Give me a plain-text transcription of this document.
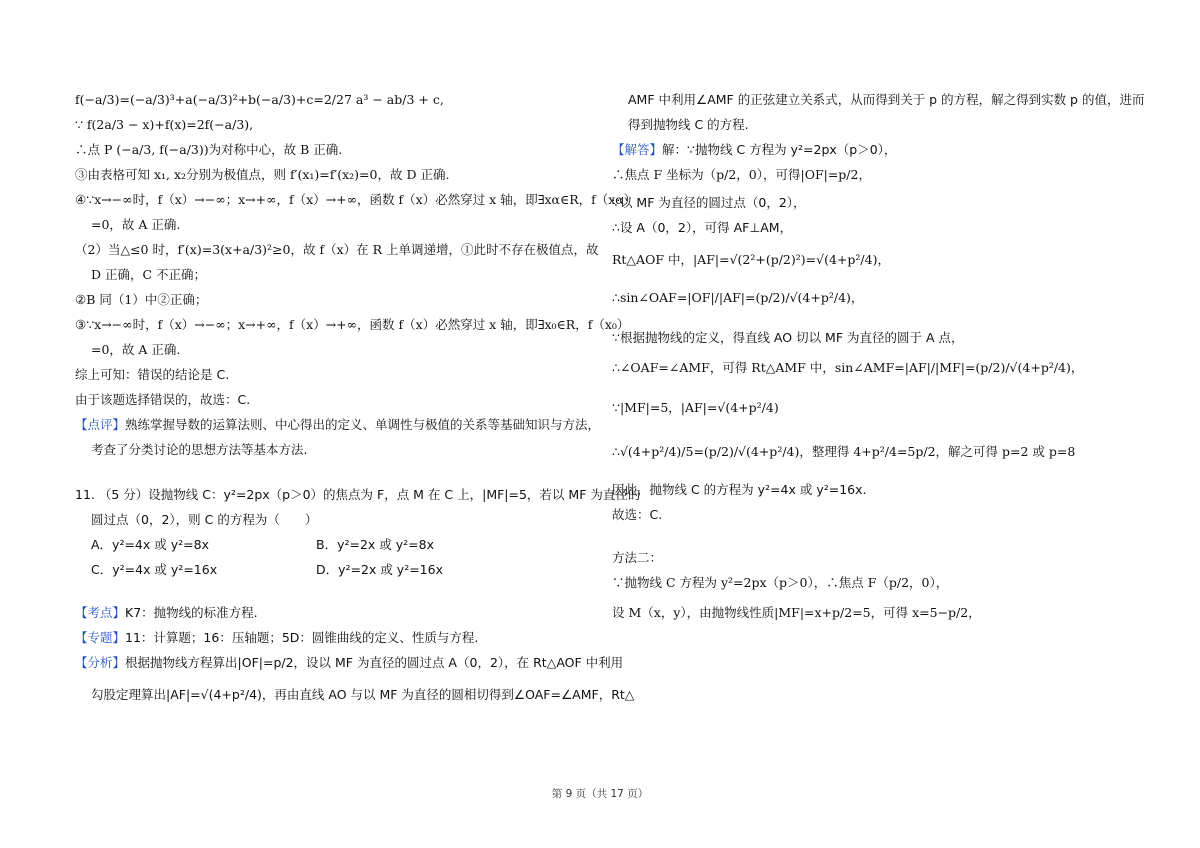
f(−a/3)=(−a/3)³+a(−a/3)²+b(−a/3)+c=2/27 a³ − ab/3 + c,
∵ f(2a/3 − x)+f(x)=2f(−a/3),
∴点 P (−a/3, f(−a/3))为对称中心，故 B 正确.
③由表格可知 x₁, x₂分别为极值点，则 f′(x₁)=f′(x₂)=0，故 D 正确.
④∵x→−∞时，f（x）→−∞；x→+∞，f（x）→+∞，函数 f（x）必然穿过 x 轴，即∃xα∈R，f（xα）
=0，故 A 正确.
（2）当△≤0 时，f′(x)=3(x+a/3)²≥0，故 f（x）在 R 上单调递增，①此时不存在极值点，故
D 正确，C 不正确；
②B 同（1）中②正确；
③∵x→−∞时，f（x）→−∞；x→+∞，f（x）→+∞，函数 f（x）必然穿过 x 轴，即∃x₀∈R，f（x₀）
=0，故 A 正确.
综上可知：错误的结论是 C.
由于该题选择错误的，故选：C.
【点评】熟练掌握导数的运算法则、中心得出的定义、单调性与极值的关系等基础知识与方法，
考查了分类讨论的思想方法等基本方法.
11. （5 分）设抛物线 C：y²=2px（p＞0）的焦点为 F，点 M 在 C 上，|MF|=5，若以 MF 为直径的
圆过点（0，2），则 C 的方程为（　　）
A．y²=4x 或 y²=8x	B．y²=2x 或 y²=8x
C．y²=4x 或 y²=16x	D．y²=2x 或 y²=16x
【考点】K7：抛物线的标准方程.
【专题】11：计算题；16：压轴题；5D：圆锥曲线的定义、性质与方程.
【分析】根据抛物线方程算出|OF|=p/2，设以 MF 为直径的圆过点 A（0，2），在 Rt△AOF 中利用
勾股定理算出|AF|=√(4+p²/4)，再由直线 AO 与以 MF 为直径的圆相切得到∠OAF=∠AMF，Rt△
AMF 中利用∠AMF 的正弦建立关系式，从而得到关于 p 的方程，解之得到实数 p 的值，进而
得到抛物线 C 的方程.
【解答】解：∵抛物线 C 方程为 y²=2px（p＞0），
∴焦点 F 坐标为（p/2，0），可得|OF|=p/2，
∵以 MF 为直径的圆过点（0，2），
∴设 A（0，2），可得 AF⊥AM，
Rt△AOF 中，|AF|=√(2²+(p/2)²)=√(4+p²/4)，
∴sin∠OAF=|OF|/|AF|=(p/2)/√(4+p²/4)，
∵根据抛物线的定义，得直线 AO 切以 MF 为直径的圆于 A 点，
∴∠OAF=∠AMF，可得 Rt△AMF 中，sin∠AMF=|AF|/|MF|=(p/2)/√(4+p²/4)，
∵|MF|=5，|AF|=√(4+p²/4)
∴√(4+p²/4)/5=(p/2)/√(4+p²/4)，整理得 4+p²/4=5p/2，解之可得 p=2 或 p=8
因此，抛物线 C 的方程为 y²=4x 或 y²=16x.
故选：C.
方法二：
∵抛物线 C 方程为 y²=2px（p＞0），∴焦点 F（p/2，0），
设 M（x，y），由抛物线性质|MF|=x+p/2=5，可得 x=5−p/2，
第 9 页（共 17 页）
